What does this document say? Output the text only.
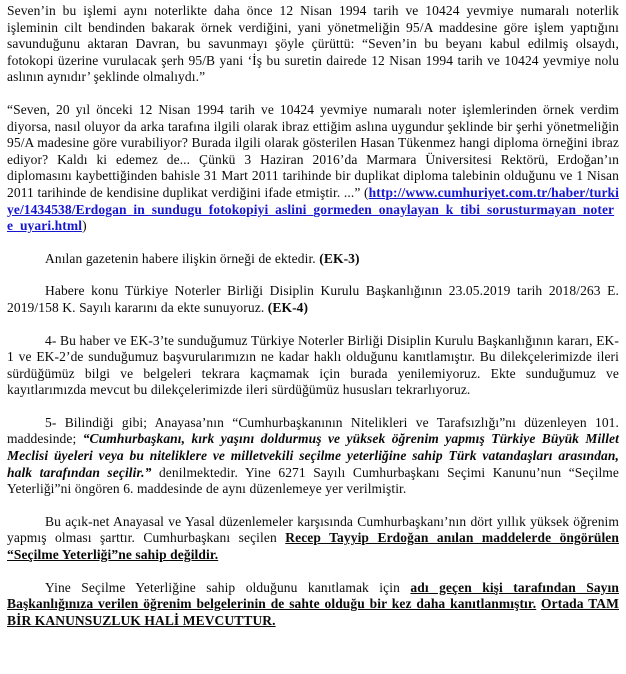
Seven’in bu işlemi aynı noterlikte daha önce 12 Nisan 1994 tarih ve 10424 yevmiye numaralı noterlik işleminin cilt bendinden bakarak örnek verdiğini, yani yönetmeliğin 95/A maddesine göre işlem yaptığını savunduğunu aktaran Davran, bu savunmayı şöyle çürüttü: “Seven’in bu beyanı kabul edilmiş olsaydı, fotokopi üzerine vurulacak şerh 95/B yani ‘İş bu suretin dairede 12 Nisan 1994 tarih ve 10424 yevmiye nolu aslının aynıdır’ şeklinde olmalıydı.”

“Seven, 20 yıl önceki 12 Nisan 1994 tarih ve 10424 yevmiye numaralı noter işlemlerinden örnek verdim diyorsa, nasıl oluyor da arka tarafına ilgili olarak ibraz ettiğim aslına uygundur şeklinde bir şerhi yönetmeliğin 95/A madesine göre vurabiliyor? Burada ilgili olarak gösterilen Hasan Tükenmez hangi diploma örneğini ibraz ediyor? Kaldı ki edemez de... Çünkü 3 Haziran 2016’da Marmara Üniversitesi Rektörü, Erdoğan’ın diplomasını kaybettiğinden bahisle 31 Mart 2011 tarihinde bir duplikat diploma talebinin olduğunu ve 1 Nisan 2011 tarihinde de kendisine duplikat verdiğini ifade etmiştir. ...” (http://www.cumhuriyet.com.tr/haber/turkiye/1434538/Erdogan_in_sundugu_fotokopiyi_aslini_gormeden_onaylayan_k_tibi_sorusturmayan_notere_uyari.html)

Anılan gazetenin habere ilişkin örneği de ektedir. (EK-3)

Habere konu Türkiye Noterler Birliği Disiplin Kurulu Başkanlığının 23.05.2019 tarih 2018/263 E. 2019/158 K. Sayılı kararını da ekte sunuyoruz. (EK-4)

4- Bu haber ve EK-3’te sunduğumuz Türkiye Noterler Birliği Disiplin Kurulu Başkanlığının kararı, EK-1 ve EK-2’de sunduğumuz başvurularımızın ne kadar haklı olduğunu kanıtlamıştır. Bu dilekçelerimizde ileri sürdüğümüz bilgi ve belgeleri tekrara kaçmamak için burada yenilemiyoruz. Ekte sunduğumuz ve kayıtlarımızda mevcut bu dilekçelerimizde ileri sürdüğümüz hususları tekrarlıyoruz.

5- Bilindiği gibi; Anayasa’nın “Cumhurbaşkanının Nitelikleri ve Tarafsızlığı”nı düzenleyen 101. maddesinde; “Cumhurbaşkanı, kırk yaşını doldurmuş ve yüksek öğrenim yapmış Türkiye Büyük Millet Meclisi üyeleri veya bu niteliklere ve milletvekili seçilme yeterliğine sahip Türk vatandaşları arasından, halk tarafından seçilir.” denilmektedir. Yine 6271 Sayılı Cumhurbaşkanı Seçimi Kanunu’nun “Seçilme Yeterliği”ni öngören 6. maddesinde de aynı düzenlemeye yer verilmiştir.

Bu açık-net Anayasal ve Yasal düzenlemeler karşısında Cumhurbaşkanı’nın dört yıllık yüksek öğrenim yapmış olması şarttır. Cumhurbaşkanı seçilen Recep Tayyip Erdoğan anılan maddelerde öngörülen “Seçilme Yeterliği”ne sahip değildir.

Yine Seçilme Yeterliğine sahip olduğunu kanıtlamak için adı geçen kişi tarafından Sayın Başkanlığınıza verilen öğrenim belgelerinin de sahte olduğu bir kez daha kanıtlanmıştır. Ortada TAM BİR KANUNSUZLUK HALİ MEVCUTTUR.
